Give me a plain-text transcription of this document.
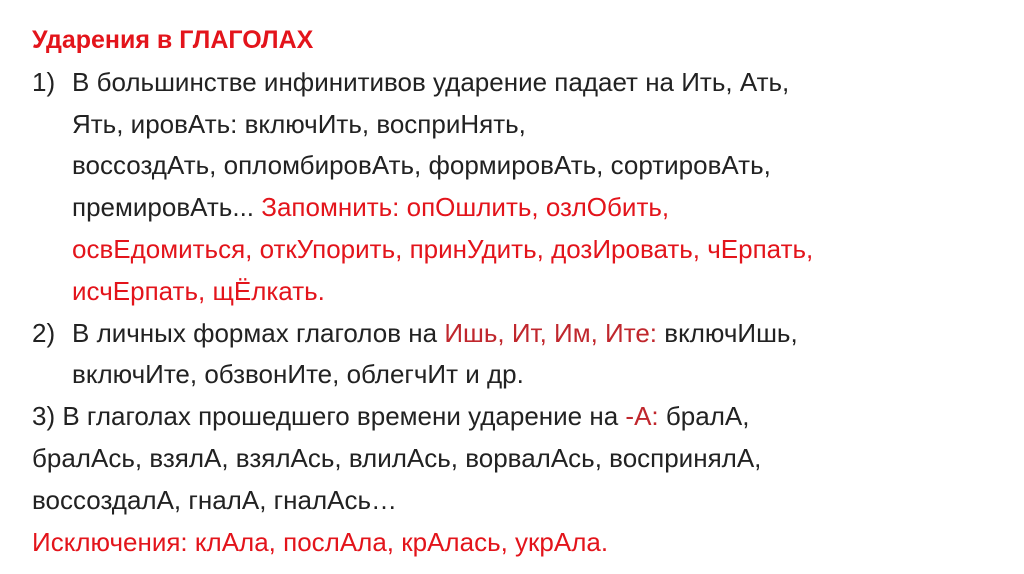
Ударения в ГЛАГОЛАХ
1) В большинстве инфинитивов ударение падает на Ить, Ать,
Ять, ировАть: включИть, восприНять,
воссоздАть, опломбировАть, формировАть, сортировАть,
премировАть... Запомнить: опОшлить, озлОбить,
освЕдомиться, откУпорить, принУдить, дозИровать, чЕрпать,
исчЕрпать, щЁлкать.
2) В личных формах глаголов на Ишь, Ит, Им, Ите: включИшь,
включИте, обзвонИте, облегчИт и др.
3) В глаголах прошедшего времени ударение на -А: бралА,
бралАсь, взялА, взялАсь, влилАсь, ворвалАсь, воспринялА,
воссоздалА, гналА, гналАсь…
Исключения: клАла, послАла, крАлась, укрАла.
